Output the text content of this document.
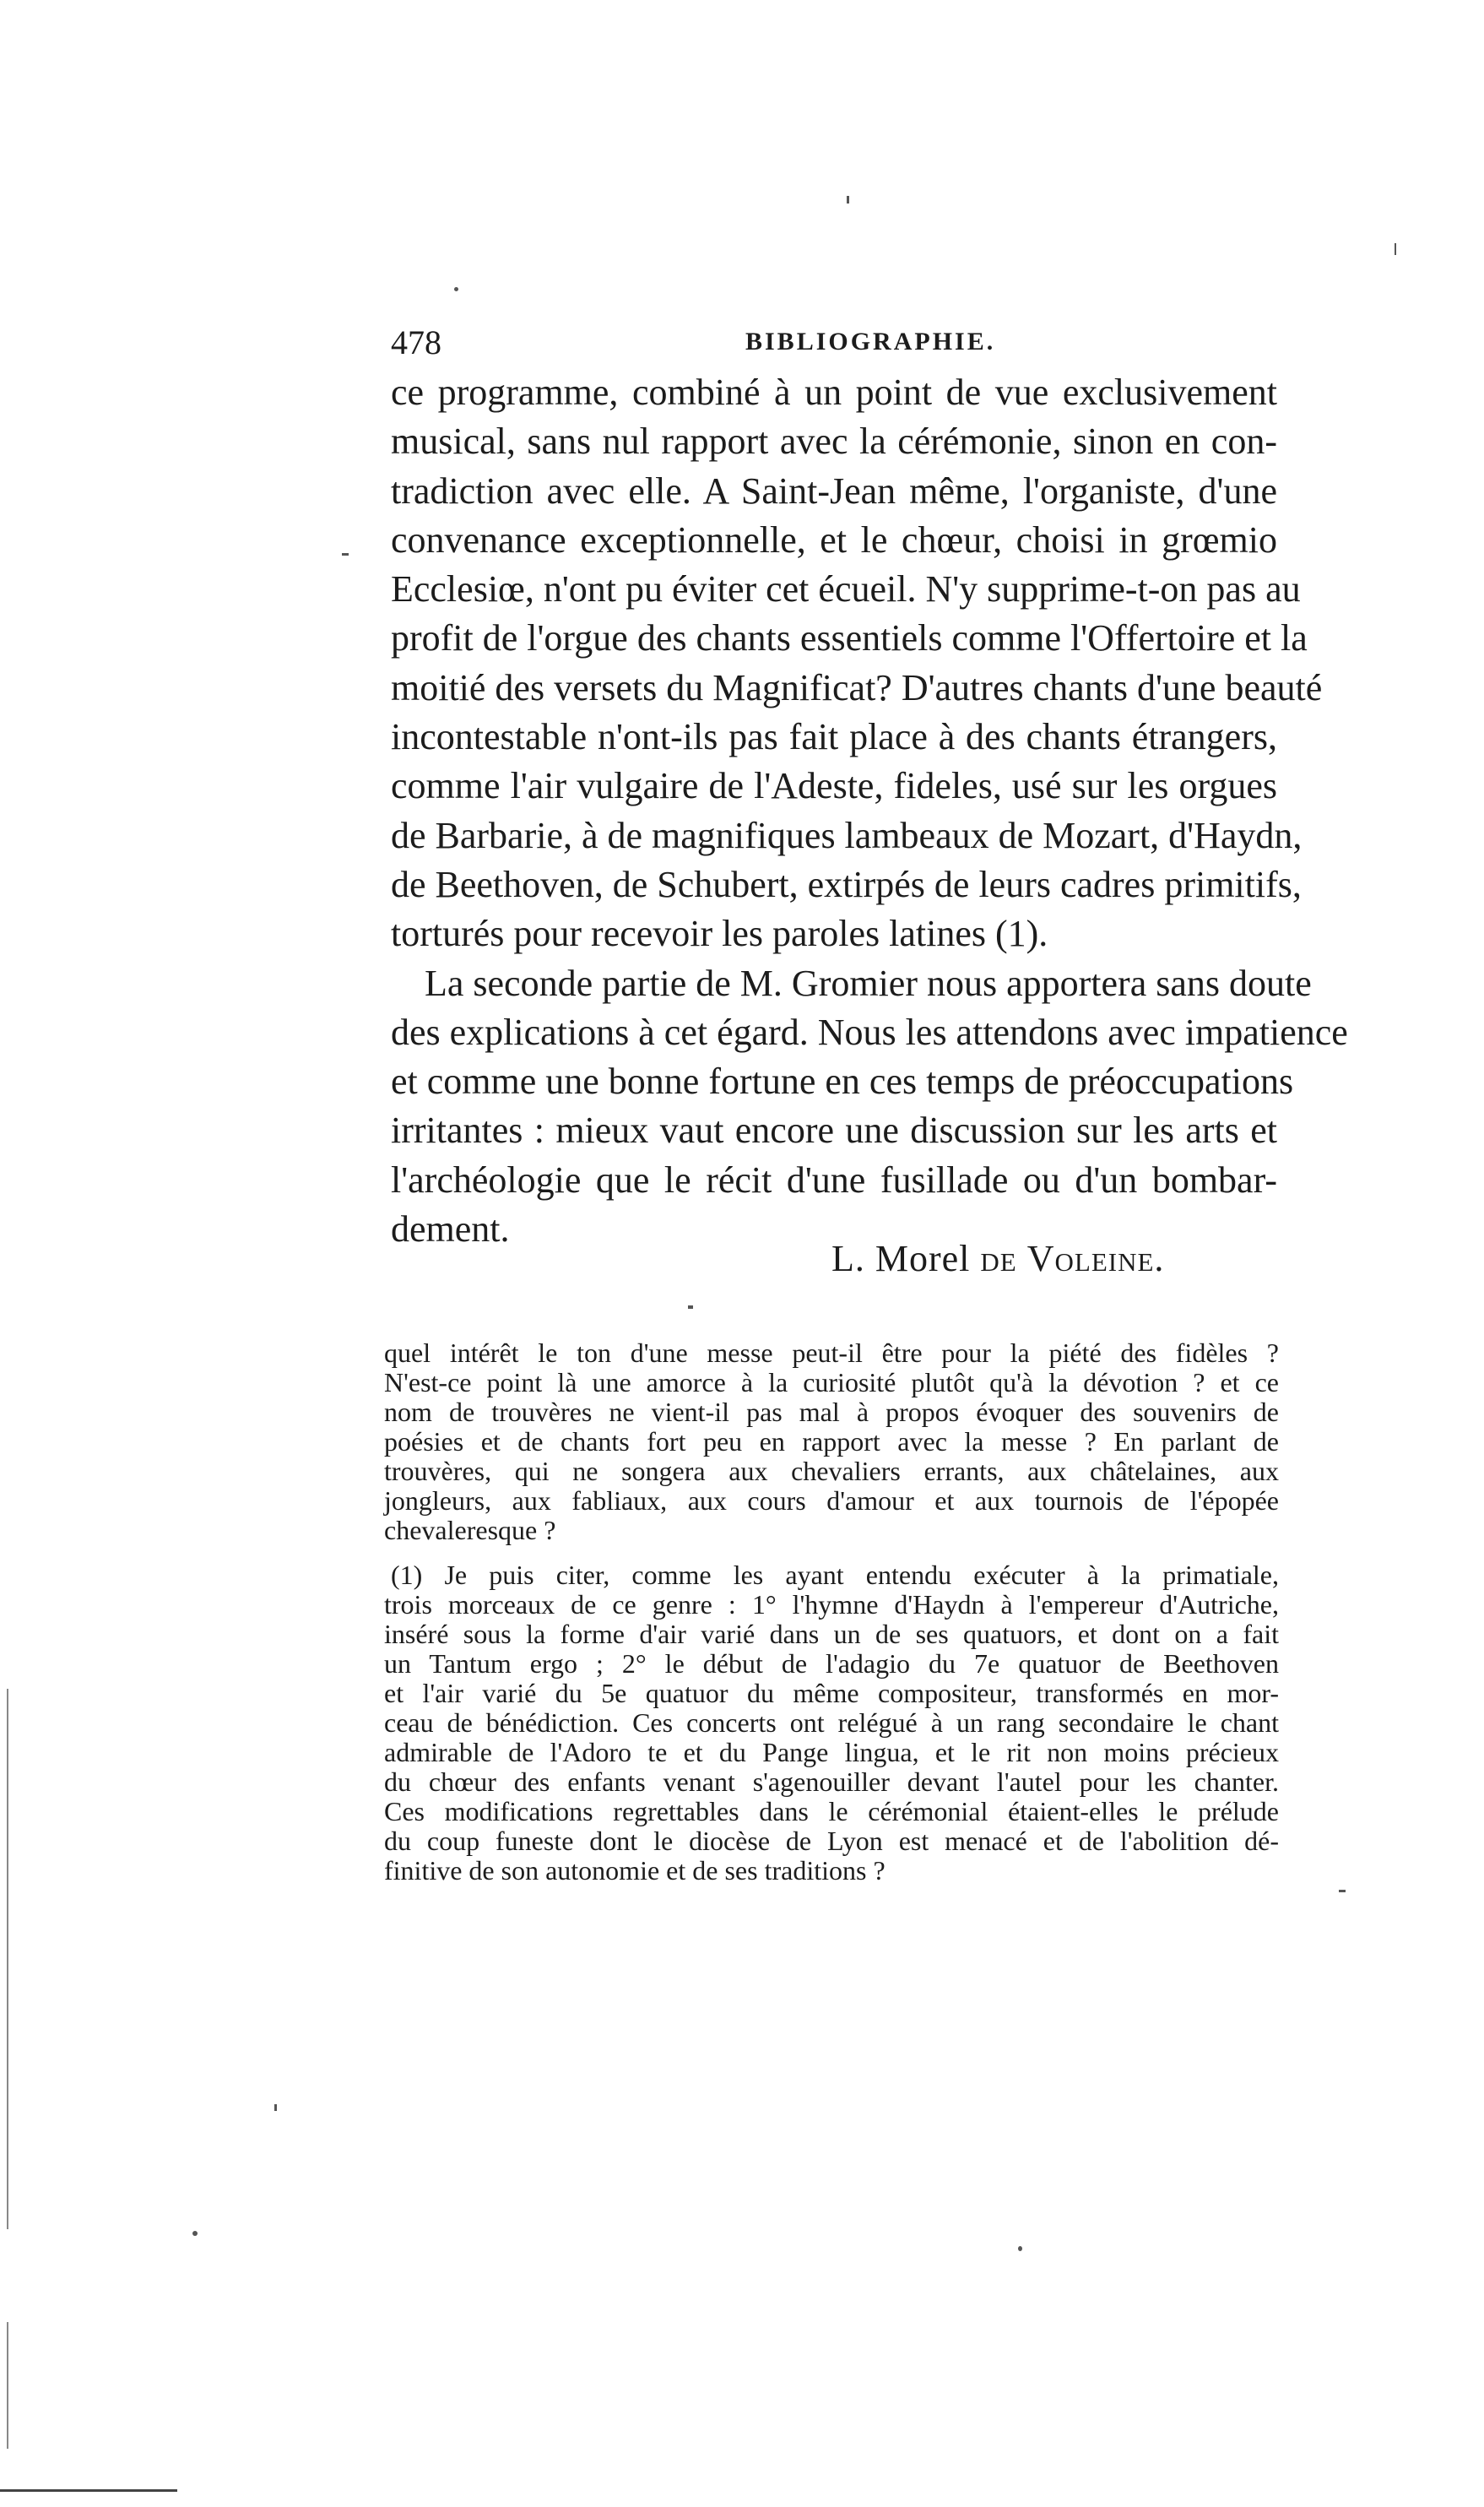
478	BIBLIOGRAPHIE.

ce programme, combiné à un point de vue exclusivement
musical, sans nul rapport avec la cérémonie, sinon en con-
tradiction avec elle. A Saint-Jean même, l'organiste, d'une
convenance exceptionnelle, et le chœur, choisi in grœmio
Ecclesiœ, n'ont pu éviter cet écueil. N'y supprime-t-on pas au
profit de l'orgue des chants essentiels comme l'Offertoire et la
moitié des versets du Magnificat? D'autres chants d'une beauté
incontestable n'ont-ils pas fait place à des chants étrangers,
comme l'air vulgaire de l'Adeste, fideles, usé sur les orgues
de Barbarie, à de magnifiques lambeaux de Mozart, d'Haydn,
de Beethoven, de Schubert, extirpés de leurs cadres primitifs,
torturés pour recevoir les paroles latines (1).

La seconde partie de M. Gromier nous apportera sans doute
des explications à cet égard. Nous les attendons avec impatience
et comme une bonne fortune en ces temps de préoccupations
irritantes : mieux vaut encore une discussion sur les arts et
l'archéologie que le récit d'une fusillade ou d'un bombar-
dement.

L. Morel de Voleine.
quel intérêt le ton d'une messe peut-il être pour la piété des fidèles ?
N'est-ce point là une amorce à la curiosité plutôt qu'à la dévotion ? et ce
nom de trouvères ne vient-il pas mal à propos évoquer des souvenirs de
poésies et de chants fort peu en rapport avec la messe ? En parlant de
trouvères, qui ne songera aux chevaliers errants, aux châtelaines, aux
jongleurs, aux fabliaux, aux cours d'amour et aux tournois de l'épopée
chevaleresque ?
(1) Je puis citer, comme les ayant entendu exécuter à la primatiale,
trois morceaux de ce genre : 1° l'hymne d'Haydn à l'empereur d'Autriche,
inséré sous la forme d'air varié dans un de ses quatuors, et dont on a fait
un Tantum ergo ; 2° le début de l'adagio du 7e quatuor de Beethoven
et l'air varié du 5e quatuor du même compositeur, transformés en mor-
ceau de bénédiction. Ces concerts ont relégué à un rang secondaire le chant
admirable de l'Adoro te et du Pange lingua, et le rit non moins précieux
du chœur des enfants venant s'agenouiller devant l'autel pour les chanter.
Ces modifications regrettables dans le cérémonial étaient-elles le prélude
du coup funeste dont le diocèse de Lyon est menacé et de l'abolition dé-
finitive de son autonomie et de ses traditions ?
